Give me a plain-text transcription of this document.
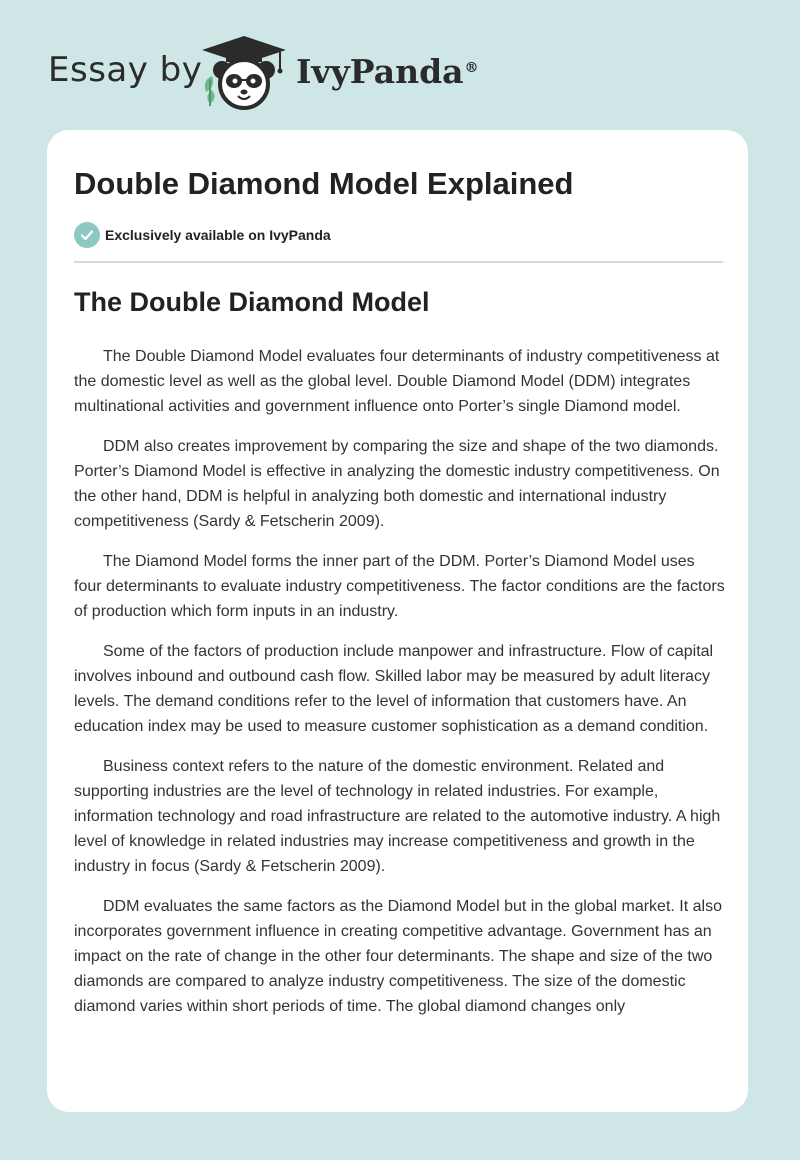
Essay by	IvyPanda®
Double Diamond Model Explained
Exclusively available on IvyPanda
The Double Diamond Model

The Double Diamond Model evaluates four determinants of industry competitiveness at the domestic level as well as the global level. Double Diamond Model (DDM) integrates multinational activities and government influence onto Porter’s single Diamond model.

DDM also creates improvement by comparing the size and shape of the two diamonds. Porter’s Diamond Model is effective in analyzing the domestic industry competitiveness. On the other hand, DDM is helpful in analyzing both domestic and international industry competitiveness (Sardy & Fetscherin 2009).

The Diamond Model forms the inner part of the DDM. Porter’s Diamond Model uses four determinants to evaluate industry competitiveness. The factor conditions are the factors of production which form inputs in an industry.

Some of the factors of production include manpower and infrastructure. Flow of capital involves inbound and outbound cash flow. Skilled labor may be measured by adult literacy levels. The demand conditions refer to the level of information that customers have. An education index may be used to measure customer sophistication as a demand condition.

Business context refers to the nature of the domestic environment. Related and supporting industries are the level of technology in related industries. For example, information technology and road infrastructure are related to the automotive industry. A high level of knowledge in related industries may increase competitiveness and growth in the industry in focus (Sardy & Fetscherin 2009).

DDM evaluates the same factors as the Diamond Model but in the global market. It also incorporates government influence in creating competitive advantage. Government has an impact on the rate of change in the other four determinants. The shape and size of the two diamonds are compared to analyze industry competitiveness. The size of the domestic diamond varies within short periods of time. The global diamond changes only
